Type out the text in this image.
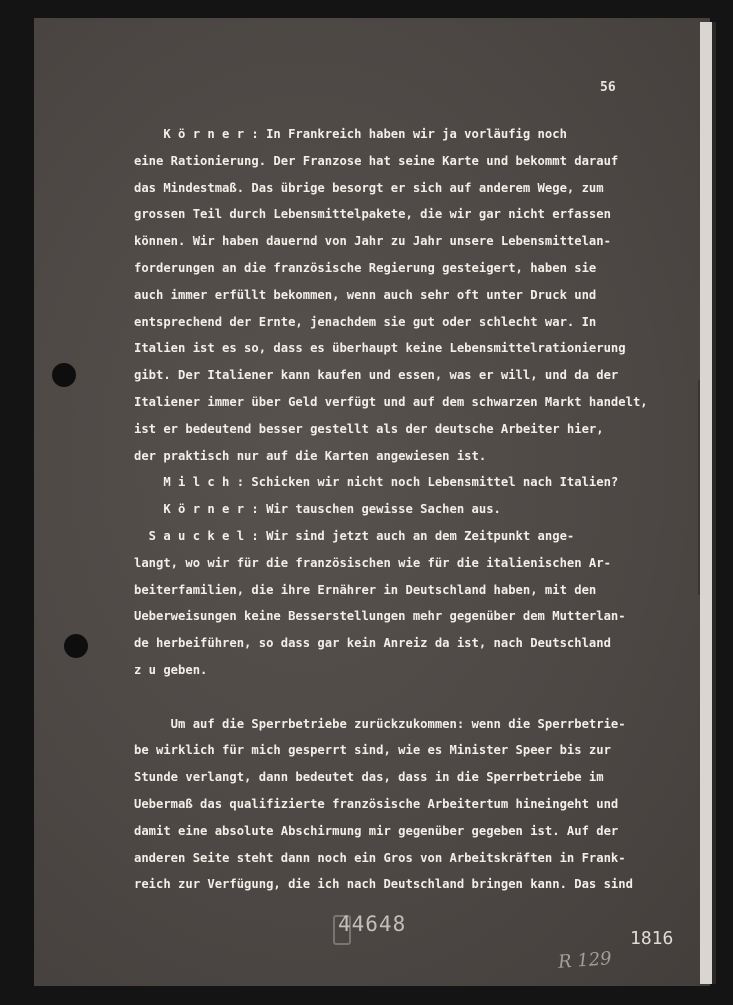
56
K ö r n e r : In Frankreich haben wir ja vorläufig noch
eine Rationierung. Der Franzose hat seine Karte und bekommt darauf
das Mindestmaß. Das übrige besorgt er sich auf anderem Wege, zum
grossen Teil durch Lebensmittelpakete, die wir gar nicht erfassen
können. Wir haben dauernd von Jahr zu Jahr unsere Lebensmittelan-
forderungen an die französische Regierung gesteigert, haben sie
auch immer erfüllt bekommen, wenn auch sehr oft unter Druck und
entsprechend der Ernte, jenachdem sie gut oder schlecht war. In
Italien ist es so, dass es überhaupt keine Lebensmittelrationierung
gibt. Der Italiener kann kaufen und essen, was er will, und da der
Italiener immer über Geld verfügt und auf dem schwarzen Markt handelt,
ist er bedeutend besser gestellt als der deutsche Arbeiter hier,
der praktisch nur auf die Karten angewiesen ist.
M i l c h : Schicken wir nicht noch Lebensmittel nach Italien?
K ö r n e r : Wir tauschen gewisse Sachen aus.
S a u c k e l : Wir sind jetzt auch an dem Zeitpunkt ange-
langt, wo wir für die französischen wie für die italienischen Ar-
beiterfamilien, die ihre Ernährer in Deutschland haben, mit den
Ueberweisungen keine Besserstellungen mehr gegenüber dem Mutterlan-
de herbeiführen, so dass gar kein Anreiz da ist, nach Deutschland
z u geben.
Um auf die Sperrbetriebe zurückzukommen: wenn die Sperrbetrie-
be wirklich für mich gesperrt sind, wie es Minister Speer bis zur
Stunde verlangt, dann bedeutet das, dass in die Sperrbetriebe im
Uebermaß das qualifizierte französische Arbeitertum hineingeht und
damit eine absolute Abschirmung mir gegenüber gegeben ist. Auf der
anderen Seite steht dann noch ein Gros von Arbeitskräften in Frank-
reich zur Verfügung, die ich nach Deutschland bringen kann. Das sind
44648
1816
R 129
